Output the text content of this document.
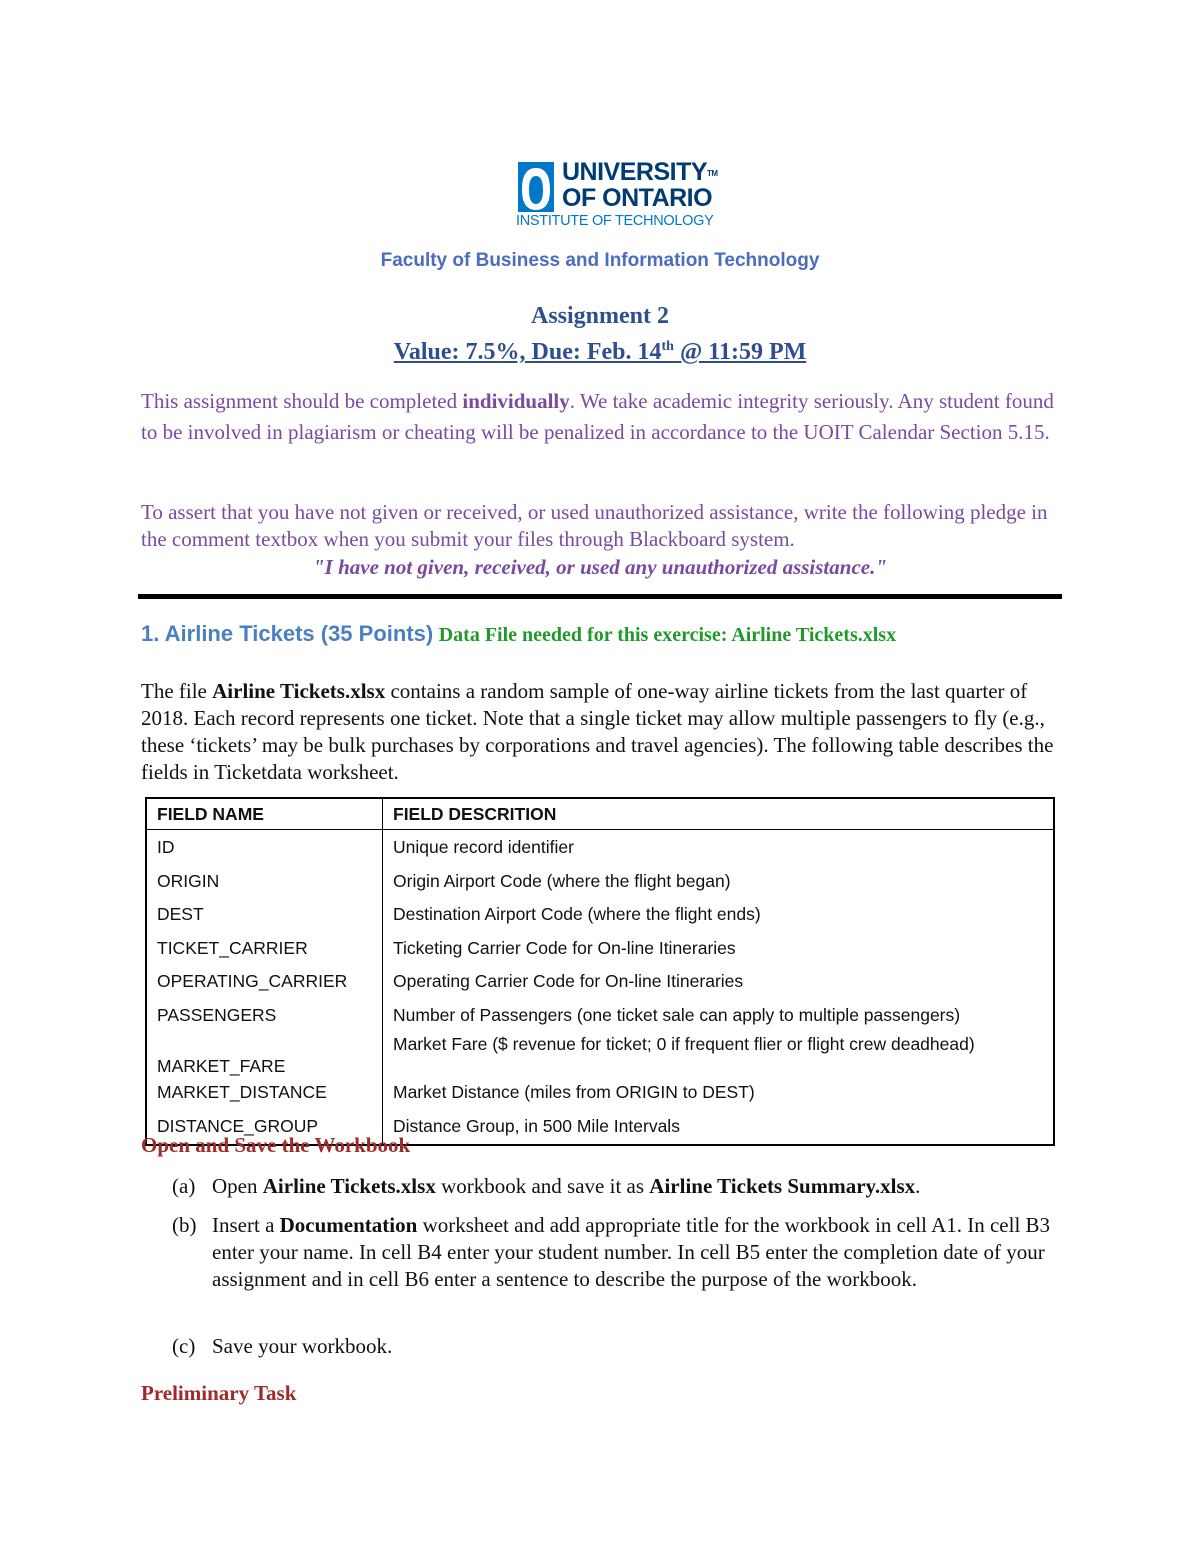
UNIVERSITY™
OF ONTARIO
INSTITUTE OF TECHNOLOGY
Faculty of Business and Information Technology
Assignment 2
Value: 7.5%, Due: Feb. 14th @ 11:59 PM
This assignment should be completed individually. We take academic integrity seriously. Any student found to be involved in plagiarism or cheating will be penalized in accordance to the UOIT Calendar Section 5.15.
To assert that you have not given or received, or used unauthorized assistance, write the following pledge in the comment textbox when you submit your files through Blackboard system.
"I have not given, received, or used any unauthorized assistance."
1. Airline Tickets (35 Points) Data File needed for this exercise: Airline Tickets.xlsx
The file Airline Tickets.xlsx contains a random sample of one-way airline tickets from the last quarter of 2018. Each record represents one ticket. Note that a single ticket may allow multiple passengers to fly (e.g., these ‘tickets’ may be bulk purchases by corporations and travel agencies). The following table describes the fields in Ticketdata worksheet.
FIELD NAME	FIELD DESCRITION
ID	Unique record identifier
ORIGIN	Origin Airport Code (where the flight began)
DEST	Destination Airport Code (where the flight ends)
TICKET_CARRIER	Ticketing Carrier Code for On-line Itineraries
OPERATING_CARRIER	Operating Carrier Code for On-line Itineraries
PASSENGERS	Number of Passengers (one ticket sale can apply to multiple passengers)

MARKET_FARE	Market Fare ($ revenue for ticket; 0 if frequent flier or flight crew deadhead)
MARKET_DISTANCE	Market Distance (miles from ORIGIN to DEST)
DISTANCE_GROUP	Distance Group, in 500 Mile Intervals
Open and Save the Workbook
(a) Open Airline Tickets.xlsx workbook and save it as Airline Tickets Summary.xlsx.
(b) Insert a Documentation worksheet and add appropriate title for the workbook in cell A1. In cell B3 enter your name. In cell B4 enter your student number. In cell B5 enter the completion date of your assignment and in cell B6 enter a sentence to describe the purpose of the workbook.
(c) Save your workbook.
Preliminary Task
